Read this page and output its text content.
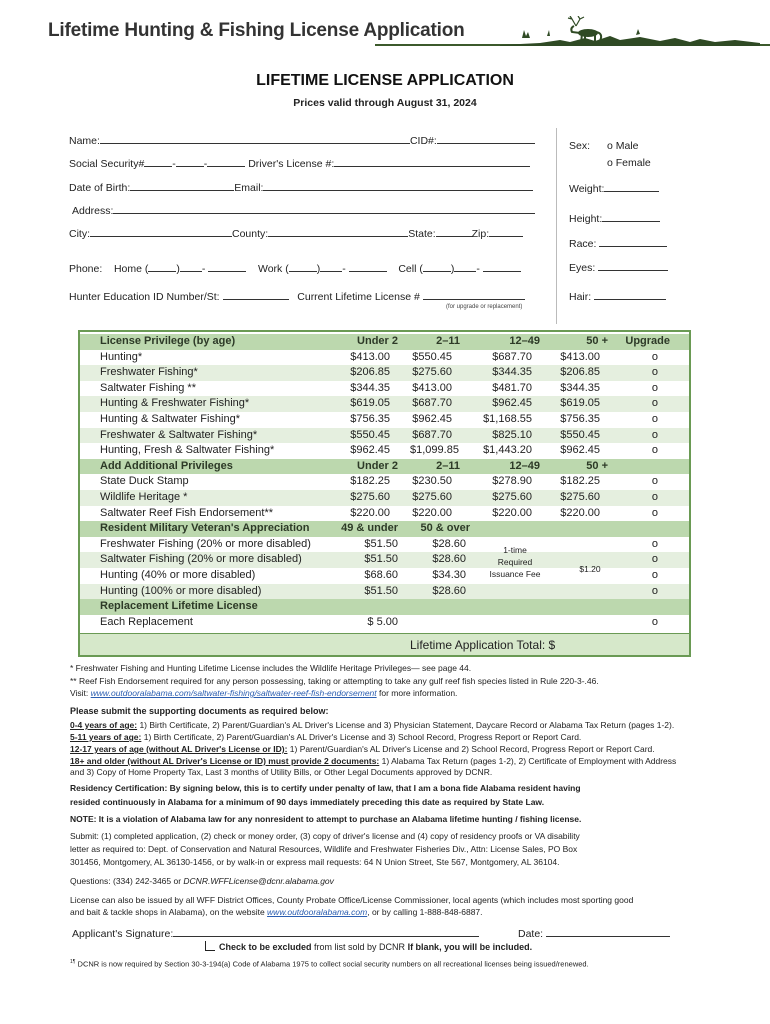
Lifetime Hunting & Fishing License Application
LIFETIME LICENSE APPLICATION
Prices valid through August 31, 2024
Name:	CID#:
Social Security#	-	-	Driver's License #:
Date of Birth:	Email:
Address:
City:	County:	State:	Zip:
Phone: Home (	) -	Work (	) -	Cell (	) -
Hunter Education ID Number/St:	Current Lifetime License #
(for upgrade or replacement)
Sex: o Male
o Female
Weight:
Height:
Race:
Eyes:
Hair:
License Privilege (by age)	Under 2	2–11	12–49	50 +	Upgrade
Hunting*	$413.00 $550.45	$687.70	$413.00	o
Freshwater Fishing*	$206.85 $275.60	$344.35	$206.85	o
Saltwater Fishing **	$344.35 $413.00	$481.70	$344.35	o
Hunting & Freshwater Fishing*	$619.05 $687.70	$962.45	$619.05	o
Hunting & Saltwater Fishing*	$756.35 $962.45	$1,168.55	$756.35	o
Freshwater & Saltwater Fishing*	$550.45 $687.70	$825.10	$550.45	o
Hunting, Fresh & Saltwater Fishing*	$962.45 $1,099.85	$1,443.20	$962.45	o
Add Additional Privileges	Under 2	2–11	12–49	50 +
State Duck Stamp	$182.25 $230.50	$278.90	$182.25	o
Wildlife Heritage *	$275.60 $275.60	$275.60	$275.60	o
Saltwater Reef Fish Endorsement**	$220.00 $220.00	$220.00	$220.00	o
Resident Military Veteran's Appreciation	49 & under	50 & over
Freshwater Fishing (20% or more disabled)	$51.50	$28.60	o
Saltwater Fishing (20% or more disabled)	$51.50	$28.60	o
Hunting (40% or more disabled)	$68.60	$34.30	o
Hunting (100% or more disabled)	$51.50	$28.60	o
Replacement Lifetime License
Each Replacement	$ 5.00	o
1-time Required Issuance Fee	$1.20
Lifetime Application Total: $
* Freshwater Fishing and Hunting Lifetime License includes the Wildlife Heritage Privileges— see page 44.
** Reef Fish Endorsement required for any person possessing, taking or attempting to take any gulf reef fish species listed in Rule 220-3-.46.
Visit: www.outdooralabama.com/saltwater-fishing/saltwater-reef-fish-endorsement for more information.
Please submit the supporting documents as required below:
0-4 years of age: 1) Birth Certificate, 2) Parent/Guardian's AL Driver's License and 3) Physician Statement, Daycare Record or Alabama Tax Return (pages 1-2).
5-11 years of age: 1) Birth Certificate, 2) Parent/Guardian's AL Driver's License and 3) School Record, Progress Report or Report Card.
12-17 years of age (without AL Driver's License or ID): 1) Parent/Guardian's AL Driver's License and 2) School Record, Progress Report or Report Card.
18+ and older (without AL Driver's License or ID) must provide 2 documents: 1) Alabama Tax Return (pages 1-2), 2) Certificate of Employment with Address
and 3) Copy of Home Property Tax, Last 3 months of Utility Bills, or Other Legal Documents approved by DCNR.
Residency Certification: By signing below, this is to certify under penalty of law, that I am a bona fide Alabama resident having
resided continuously in Alabama for a minimum of 90 days immediately preceding this date as required by State Law.
NOTE: It is a violation of Alabama law for any nonresident to attempt to purchase an Alabama lifetime hunting / fishing license.
Submit: (1) completed application, (2) check or money order, (3) copy of driver's license and (4) copy of residency proofs or VA disability
letter as required to: Dept. of Conservation and Natural Resources, Wildlife and Freshwater Fisheries Div., Attn: License Sales, PO Box
301456, Montgomery, AL 36130-1456, or by walk-in or express mail requests: 64 N Union Street, Ste 567, Montgomery, AL 36104.
Questions: (334) 242-3465 or DCNR.WFFLicense@dcnr.alabama.gov
License can also be issued by all WFF District Offices, County Probate Office/License Commissioner, local agents (which includes most sporting good
and bait & tackle shops in Alabama), on the website www.outdooralabama.com, or by calling 1-888-848-6887.
Applicant's Signature:	Date:
Check to be excluded from list sold by DCNR If blank, you will be included.
$^{1\P}$ DCNR is now required by Section 30-3-194(a) Code of Alabama 1975 to collect social security numbers on all recreational licenses being issued/renewed.
